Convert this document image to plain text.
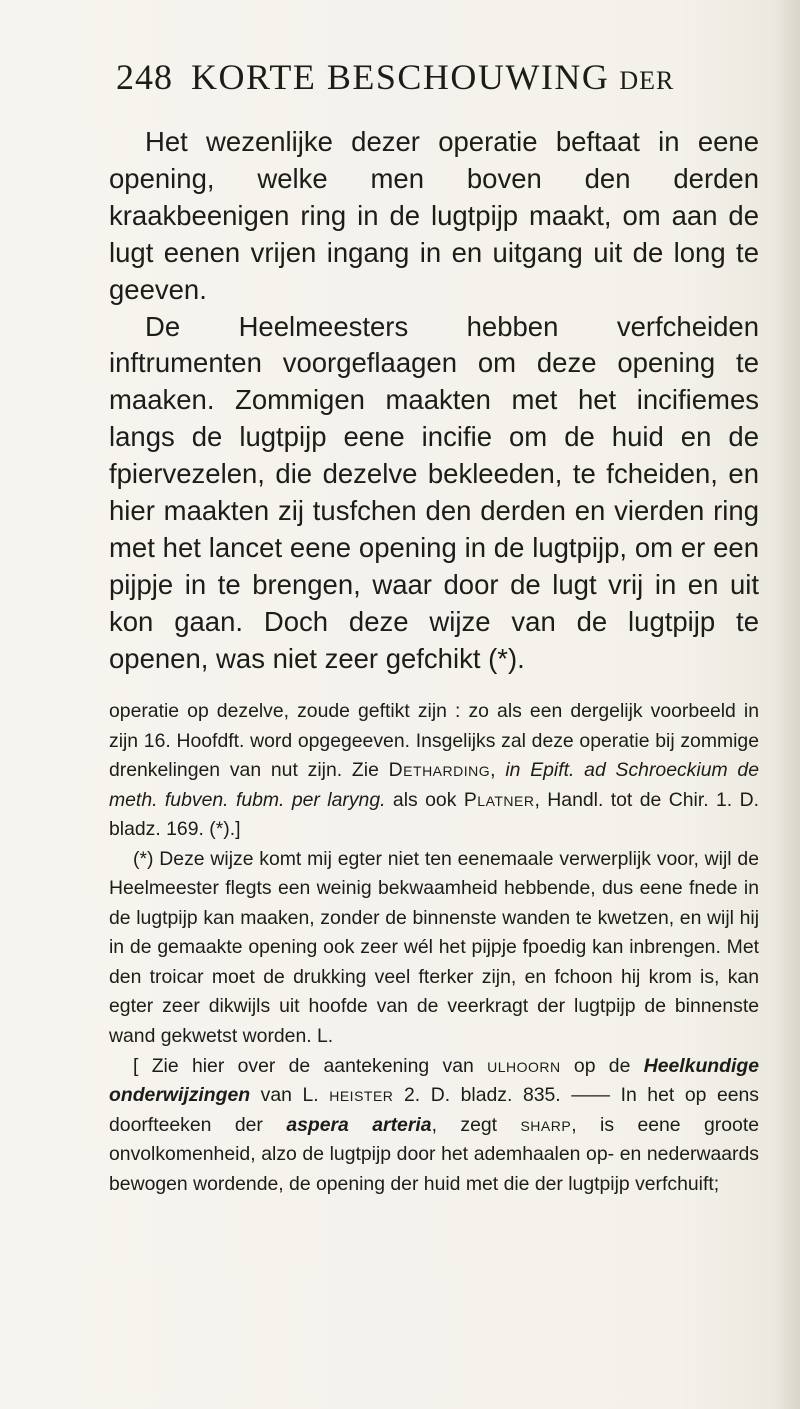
248 KORTE BESCHOUWING DER

Het wezenlijke dezer operatie beftaat in eene opening, welke men boven den derden kraakbeenigen ring in de lugtpijp maakt, om aan de lugt eenen vrijen ingang in en uitgang uit de long te geeven.

De Heelmeesters hebben verfcheiden inftrumenten voorgeflaagen om deze opening te maaken. Zommigen maakten met het incifiemes langs de lugtpijp eene incifie om de huid en de fpiervezelen, die dezelve bekleeden, te fcheiden, en hier maakten zij tusfchen den derden en vierden ring met het lancet eene opening in de lugtpijp, om er een pijpje in te brengen, waar door de lugt vrij in en uit kon gaan. Doch deze wijze van de lugtpijp te openen, was niet zeer gefchikt (*).

operatie op dezelve, zoude geftikt zijn : zo als een dergelijk voorbeeld in zijn 16. Hoofdft. word opgegeeven. Insgelijks zal deze operatie bij zommige drenkelingen van nut zijn. Zie Detharding, in Epift. ad Schroeckium de meth. fubven. fubm. per laryng. als ook Platner, Handl. tot de Chir. 1. D. bladz. 169. (*).]

(*) Deze wijze komt mij egter niet ten eenemaale verwerplijk voor, wijl de Heelmeester flegts een weinig bekwaamheid hebbende, dus eene fnede in de lugtpijp kan maaken, zonder de binnenste wanden te kwetzen, en wijl hij in de gemaakte opening ook zeer wél het pijpje fpoedig kan inbrengen. Met den troicar moet de drukking veel fterker zijn, en fchoon hij krom is, kan egter zeer dikwijls uit hoofde van de veerkragt der lugtpijp de binnenste wand gekwetst worden. L.

[ Zie hier over de aantekening van ulhoorn op de Heelkundige onderwijzingen van L. heister 2. D. bladz. 835. —— In het op eens doorfteeken der aspera arteria, zegt sharp, is eene groote onvolkomenheid, alzo de lugtpijp door het ademhaalen op- en nederwaards bewogen wordende, de opening der huid met die der lugtpijp verfchuift;
